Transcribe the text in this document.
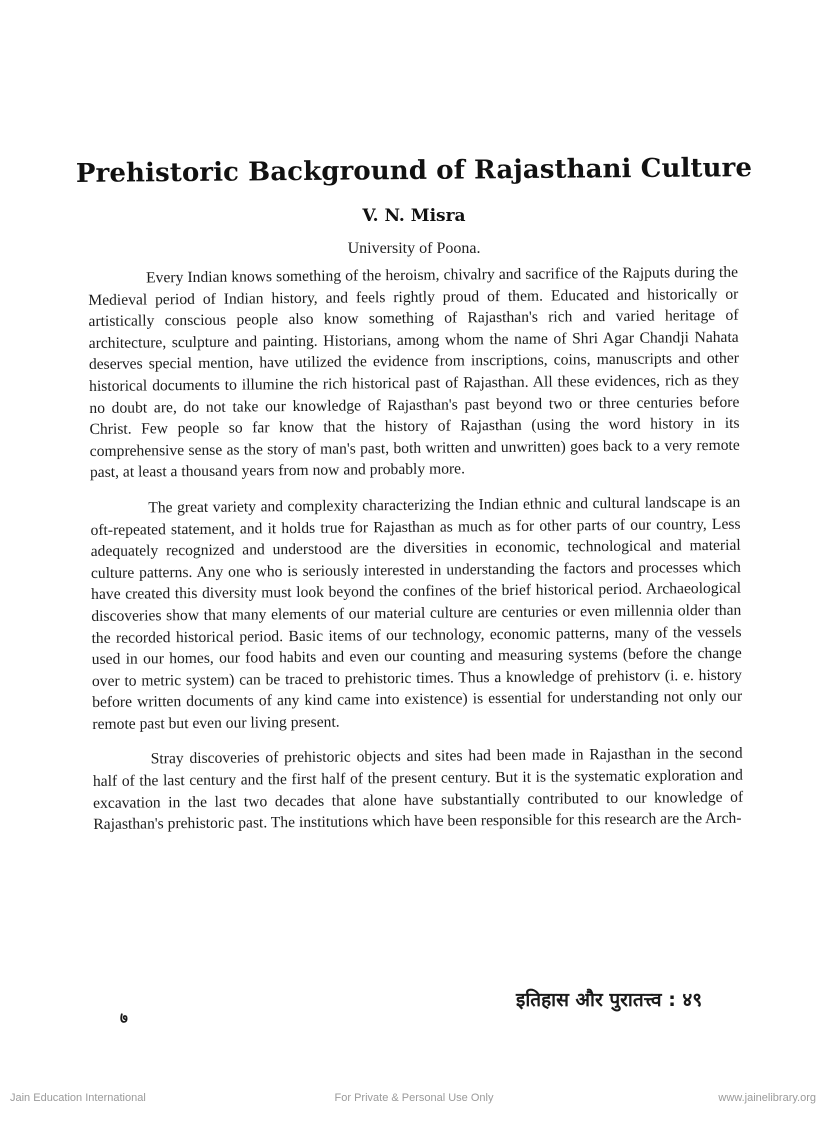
Prehistoric Background of Rajasthani Culture
V. N. Misra
University of Poona.

Every Indian knows something of the heroism, chivalry and sacrifice of the Rajputs during the Medieval period of Indian history, and feels rightly proud of them. Educated and historically or artistically conscious people also know something of Rajasthan's rich and varied heritage of architecture, sculpture and painting. Historians, among whom the name of Shri Agar Chandji Nahata deserves special mention, have utilized the evidence from inscriptions, coins, manuscripts and other historical documents to illumine the rich historical past of Rajasthan. All these evidences, rich as they no doubt are, do not take our knowledge of Rajasthan's past beyond two or three centuries before Christ. Few people so far know that the history of Rajasthan (using the word history in its comprehensive sense as the story of man's past, both written and unwritten) goes back to a very remote past, at least a thousand years from now and probably more.

The great variety and complexity characterizing the Indian ethnic and cultural landscape is an oft-repeated statement, and it holds true for Rajasthan as much as for other parts of our country, Less adequately recognized and understood are the diversities in economic, technological and material culture patterns. Any one who is seriously interested in understanding the factors and processes which have created this diversity must look beyond the confines of the brief historical period. Archaeological discoveries show that many elements of our material culture are centuries or even millennia older than the recorded historical period. Basic items of our technology, economic patterns, many of the vessels used in our homes, our food habits and even our counting and measuring systems (before the change over to metric system) can be traced to prehistoric times. Thus a knowledge of prehistorv (i. e. history before written documents of any kind came into existence) is essential for understanding not only our remote past but even our living present.

Stray discoveries of prehistoric objects and sites had been made in Rajasthan in the second half of the last century and the first half of the present century. But it is the systematic exploration and excavation in the last two decades that alone have substantially contributed to our knowledge of Rajasthan's prehistoric past. The institutions which have been responsible for this research are the Arch-

इतिहास और पुरातत्त्व : ४९
७
Jain Education International	For Private & Personal Use Only	www.jainelibrary.org
